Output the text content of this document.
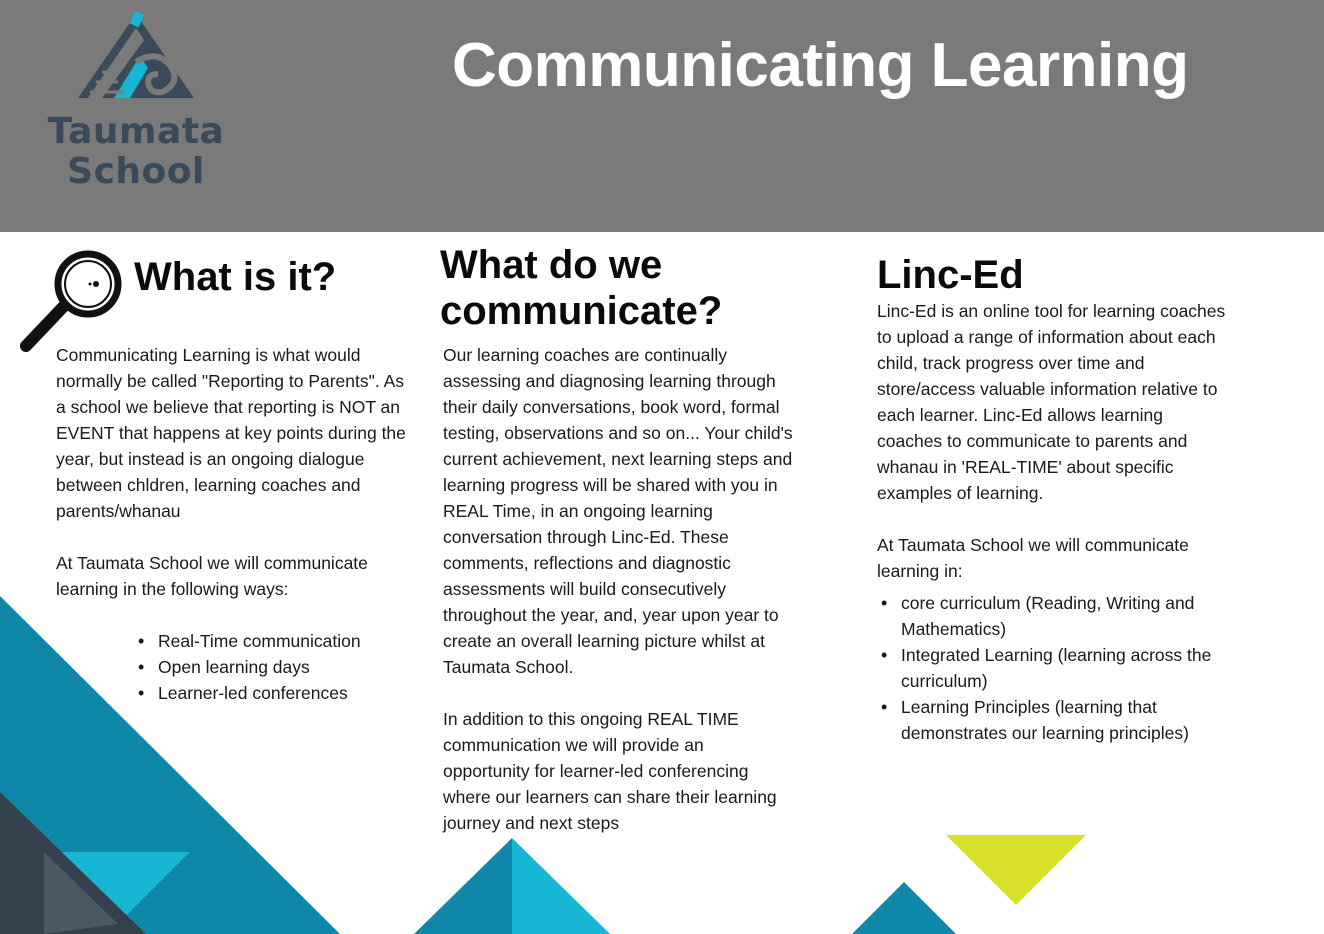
Taumata
School
Communicating Learning
What is it?

Communicating Learning is what would normally be called "Reporting to Parents". As a school we believe that reporting is NOT an EVENT that happens at key points during the year, but instead is an ongoing dialogue between chldren, learning coaches and parents/whanau

At Taumata School we will communicate learning in the following ways:

• Real-Time communication
• Open learning days
• Learner-led conferences
What do we
communicate?

Our learning coaches are continually assessing and diagnosing learning through their daily conversations, book word, formal testing, observations and so on... Your child's current achievement, next learning steps and learning progress will be shared with you in REAL Time, in an ongoing learning conversation through Linc-Ed. These comments, reflections and diagnostic assessments will build consecutively throughout the year, and, year upon year to create an overall learning picture whilst at Taumata School.

In addition to this ongoing REAL TIME communication we will provide an opportunity for learner-led conferencing where our learners can share their learning journey and next steps

Linc-Ed

Linc-Ed is an online tool for learning coaches to upload a range of information about each child, track progress over time and store/access valuable information relative to each learner. Linc-Ed allows learning coaches to communicate to parents and whanau in 'REAL-TIME' about specific examples of learning.

At Taumata School we will communicate learning in:

• core curriculum (Reading, Writing and Mathematics)
• Integrated Learning (learning across the curriculum)
• Learning Principles (learning that demonstrates our learning principles)
